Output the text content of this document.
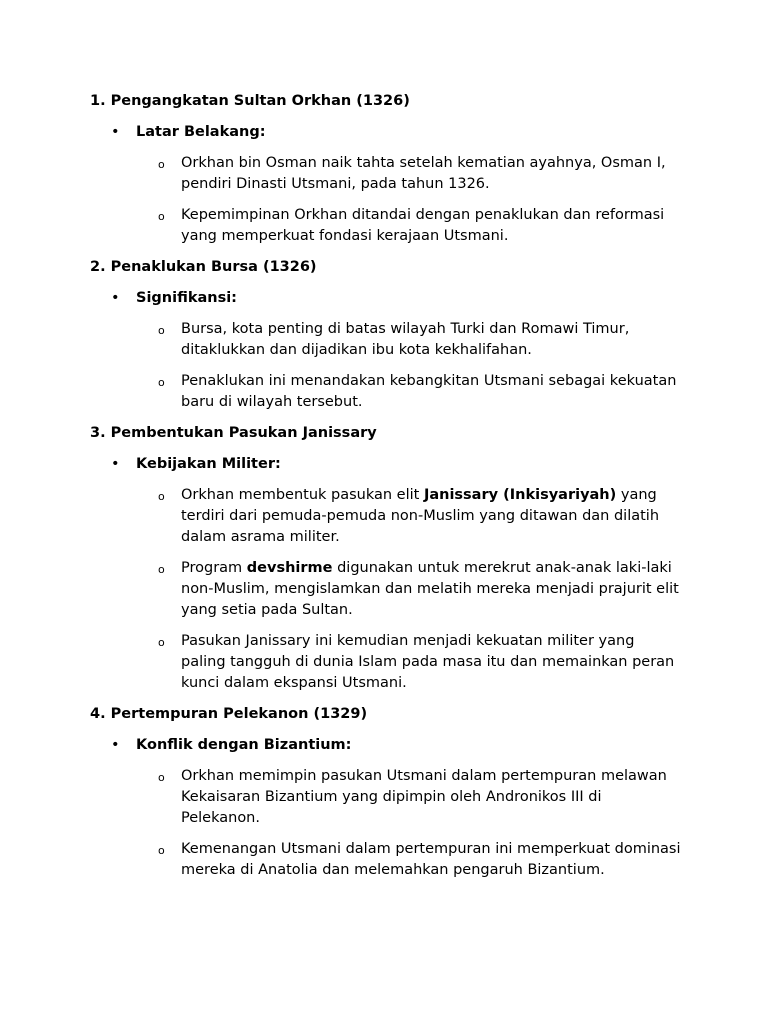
1. Pengangkatan Sultan Orkhan (1326)
• Latar Belakang:
o Orkhan bin Osman naik tahta setelah kematian ayahnya, Osman I, pendiri Dinasti Utsmani, pada tahun 1326.
o Kepemimpinan Orkhan ditandai dengan penaklukan dan reformasi yang memperkuat fondasi kerajaan Utsmani.
2. Penaklukan Bursa (1326)
• Signifikansi:
o Bursa, kota penting di batas wilayah Turki dan Romawi Timur, ditaklukkan dan dijadikan ibu kota kekhalifahan.
o Penaklukan ini menandakan kebangkitan Utsmani sebagai kekuatan baru di wilayah tersebut.
3. Pembentukan Pasukan Janissary
• Kebijakan Militer:
o Orkhan membentuk pasukan elit Janissary (Inkisyariyah) yang terdiri dari pemuda-pemuda non-Muslim yang ditawan dan dilatih dalam asrama militer.
o Program devshirme digunakan untuk merekrut anak-anak laki-laki non-Muslim, mengislamkan dan melatih mereka menjadi prajurit elit yang setia pada Sultan.
o Pasukan Janissary ini kemudian menjadi kekuatan militer yang paling tangguh di dunia Islam pada masa itu dan memainkan peran kunci dalam ekspansi Utsmani.
4. Pertempuran Pelekanon (1329)
• Konflik dengan Bizantium:
o Orkhan memimpin pasukan Utsmani dalam pertempuran melawan Kekaisaran Bizantium yang dipimpin oleh Andronikos III di Pelekanon.
o Kemenangan Utsmani dalam pertempuran ini memperkuat dominasi mereka di Anatolia dan melemahkan pengaruh Bizantium.
